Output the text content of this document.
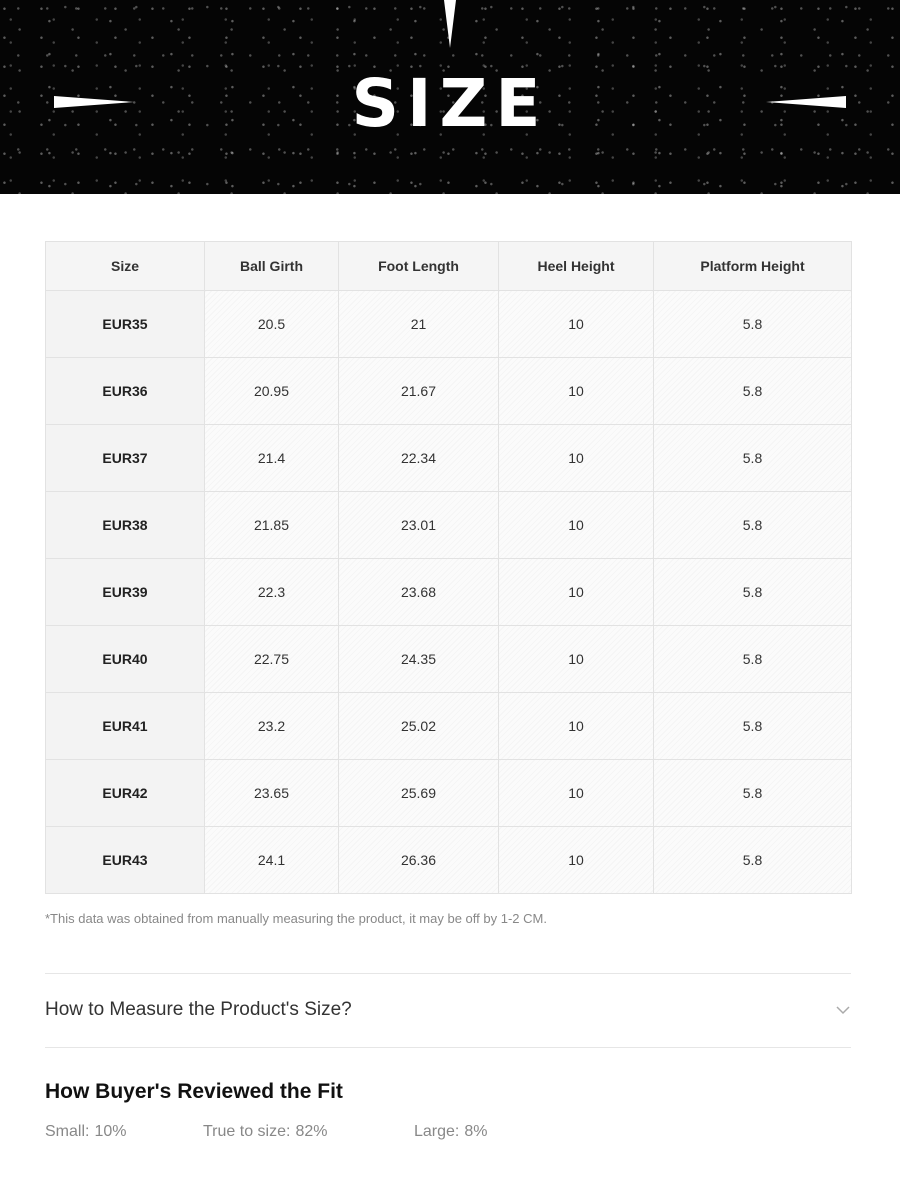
SIZE
Size	Ball Girth	Foot Length	Heel Height	Platform Height
EUR35	20.5	21	10	5.8
EUR36	20.95	21.67	10	5.8
EUR37	21.4	22.34	10	5.8
EUR38	21.85	23.01	10	5.8
EUR39	22.3	23.68	10	5.8
EUR40	22.75	24.35	10	5.8
EUR41	23.2	25.02	10	5.8
EUR42	23.65	25.69	10	5.8
EUR43	24.1	26.36	10	5.8
*This data was obtained from manually measuring the product, it may be off by 1-2 CM.
How to Measure the Product's Size?
How Buyer's Reviewed the Fit
Small: 10%	True to size: 82%	Large: 8%
